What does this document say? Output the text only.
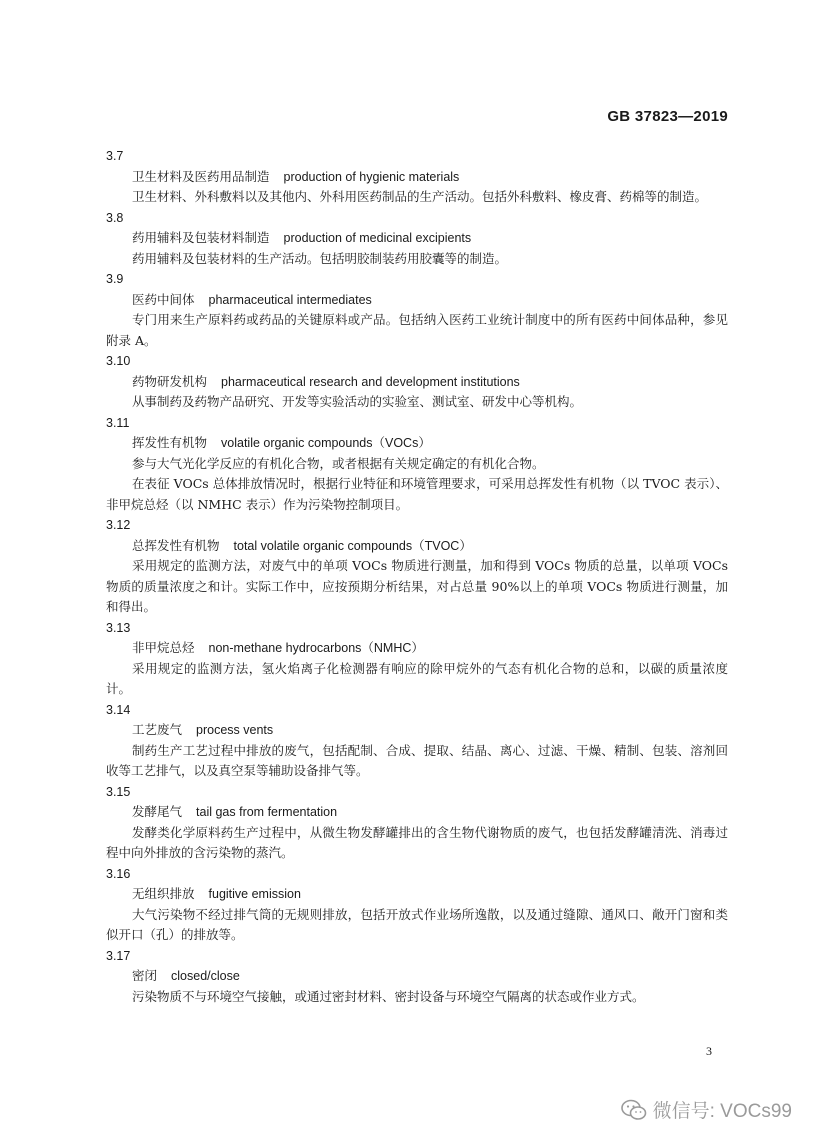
GB 37823—2019
3.7
卫生材料及医药用品制造 production of hygienic materials

卫生材料、外科敷料以及其他内、外科用医药制品的生产活动。包括外科敷料、橡皮膏、药棉等的制造。

3.8
药用辅料及包装材料制造 production of medicinal excipients

药用辅料及包装材料的生产活动。包括明胶制装药用胶囊等的制造。

3.9
医药中间体 pharmaceutical intermediates

专门用来生产原料药或药品的关键原料或产品。包括纳入医药工业统计制度中的所有医药中间体品种，参见附录 A。

3.10
药物研发机构 pharmaceutical research and development institutions

从事制药及药物产品研究、开发等实验活动的实验室、测试室、研发中心等机构。

3.11
挥发性有机物 volatile organic compounds（VOCs）

参与大气光化学反应的有机化合物，或者根据有关规定确定的有机化合物。

在表征 VOCs 总体排放情况时，根据行业特征和环境管理要求，可采用总挥发性有机物（以 TVOC 表示）、非甲烷总烃（以 NMHC 表示）作为污染物控制项目。

3.12
总挥发性有机物 total volatile organic compounds（TVOC）

采用规定的监测方法，对废气中的单项 VOCs 物质进行测量，加和得到 VOCs 物质的总量，以单项 VOCs 物质的质量浓度之和计。实际工作中，应按预期分析结果，对占总量 90%以上的单项 VOCs 物质进行测量，加和得出。

3.13
非甲烷总烃 non-methane hydrocarbons（NMHC）

采用规定的监测方法，氢火焰离子化检测器有响应的除甲烷外的气态有机化合物的总和，以碳的质量浓度计。

3.14
工艺废气 process vents

制药生产工艺过程中排放的废气，包括配制、合成、提取、结晶、离心、过滤、干燥、精制、包装、溶剂回收等工艺排气，以及真空泵等辅助设备排气等。

3.15
发酵尾气 tail gas from fermentation

发酵类化学原料药生产过程中，从微生物发酵罐排出的含生物代谢物质的废气，也包括发酵罐清洗、消毒过程中向外排放的含污染物的蒸汽。

3.16
无组织排放 fugitive emission

大气污染物不经过排气筒的无规则排放，包括开放式作业场所逸散，以及通过缝隙、通风口、敞开门窗和类似开口（孔）的排放等。

3.17
密闭 closed/close

污染物质不与环境空气接触，或通过密封材料、密封设备与环境空气隔离的状态或作业方式。

3
微信号: VOCs99
